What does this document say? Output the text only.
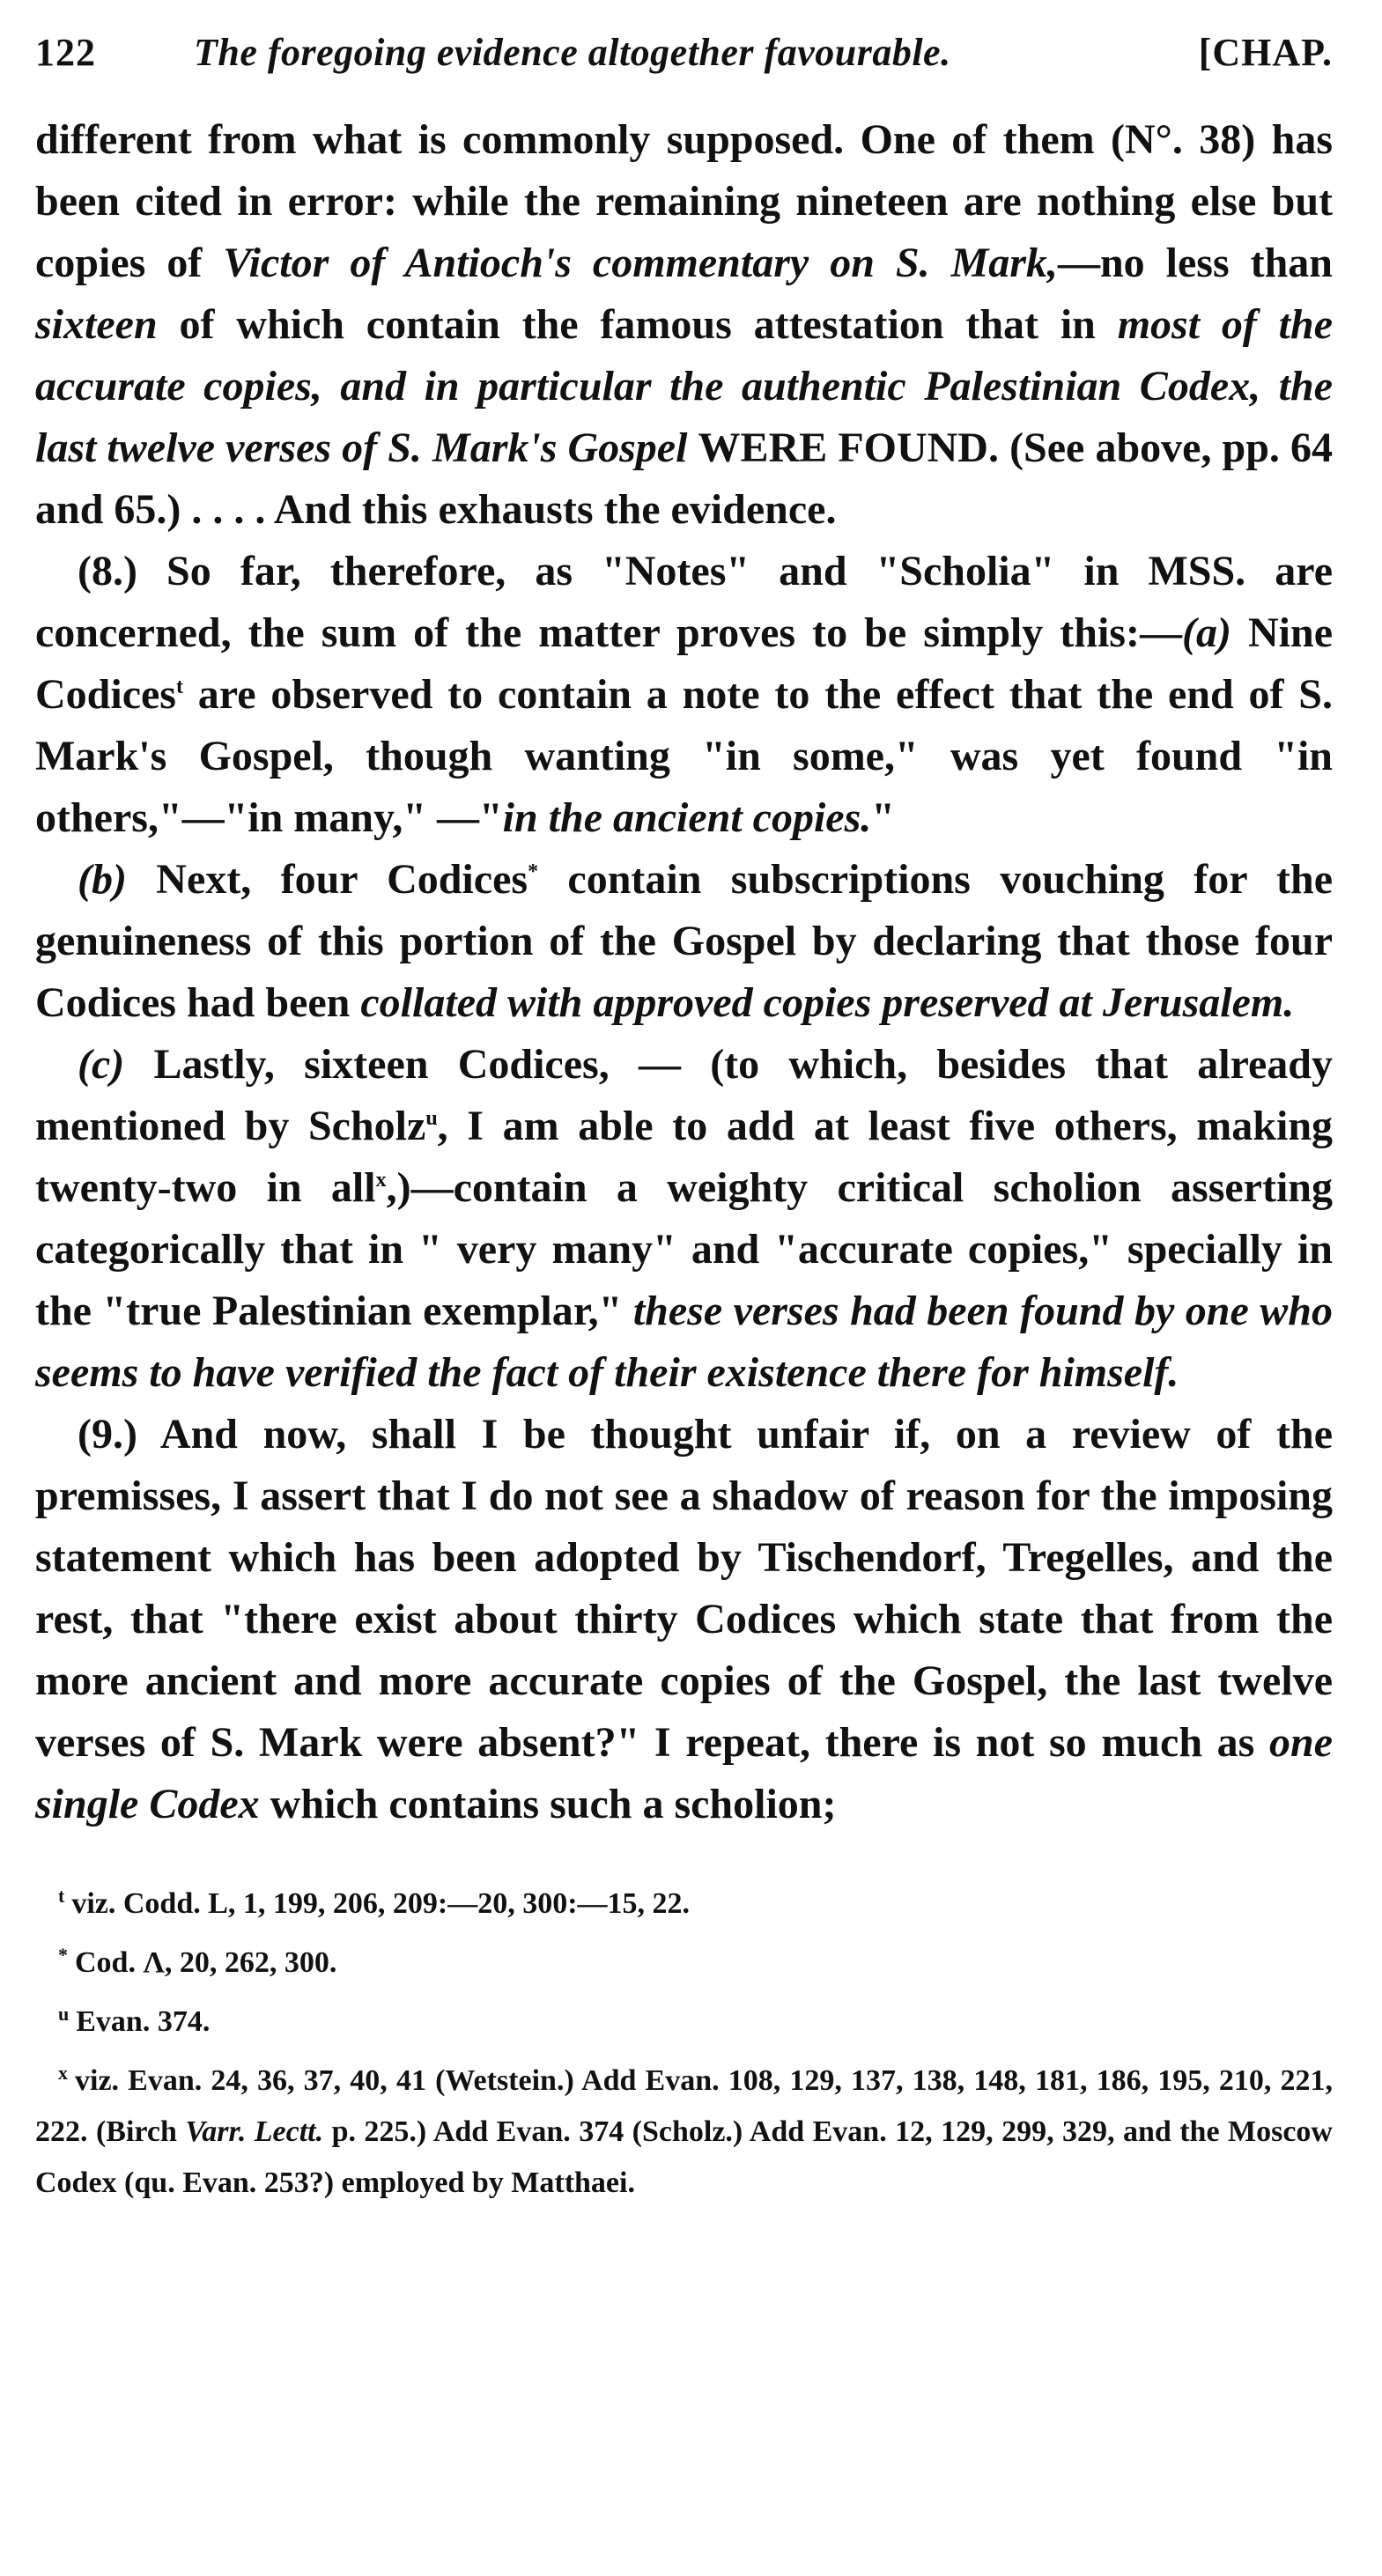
122	The foregoing evidence altogether favourable.	[CHAP.

different from what is commonly supposed. One of them (N°. 38) has been cited in error: while the remaining nineteen are nothing else but copies of Victor of Antioch's commentary on S. Mark,—no less than sixteen of which contain the famous attestation that in most of the accurate copies, and in particular the authentic Palestinian Codex, the last twelve verses of S. Mark's Gospel WERE FOUND. (See above, pp. 64 and 65.) . . . . And this exhausts the evidence.

(8.) So far, therefore, as "Notes" and "Scholia" in MSS. are concerned, the sum of the matter proves to be simply this:—(a) Nine Codices$^t$ are observed to contain a note to the effect that the end of S. Mark's Gospel, though wanting "in some," was yet found "in others,"—"in many," —"in the ancient copies."

(b) Next, four Codices* contain subscriptions vouching for the genuineness of this portion of the Gospel by declaring that those four Codices had been collated with approved copies preserved at Jerusalem.

(c) Lastly, sixteen Codices, — (to which, besides that already mentioned by Scholz$^u$, I am able to add at least five others, making twenty-two in all$^x$,)—contain a weighty critical scholion asserting categorically that in " very many" and "accurate copies," specially in the "true Palestinian exemplar," these verses had been found by one who seems to have verified the fact of their existence there for himself.

(9.) And now, shall I be thought unfair if, on a review of the premisses, I assert that I do not see a shadow of reason for the imposing statement which has been adopted by Tischendorf, Tregelles, and the rest, that "there exist about thirty Codices which state that from the more ancient and more accurate copies of the Gospel, the last twelve verses of S. Mark were absent?" I repeat, there is not so much as one single Codex which contains such a scholion;

$^t$ viz. Codd. L, 1, 199, 206, 209:—20, 300:—15, 22.

* Cod. Λ, 20, 262, 300.

$^u$ Evan. 374.

$^x$ viz. Evan. 24, 36, 37, 40, 41 (Wetstein.) Add Evan. 108, 129, 137, 138, 148, 181, 186, 195, 210, 221, 222. (Birch Varr. Lectt. p. 225.) Add Evan. 374 (Scholz.) Add Evan. 12, 129, 299, 329, and the Moscow Codex (qu. Evan. 253?) employed by Matthaei.
